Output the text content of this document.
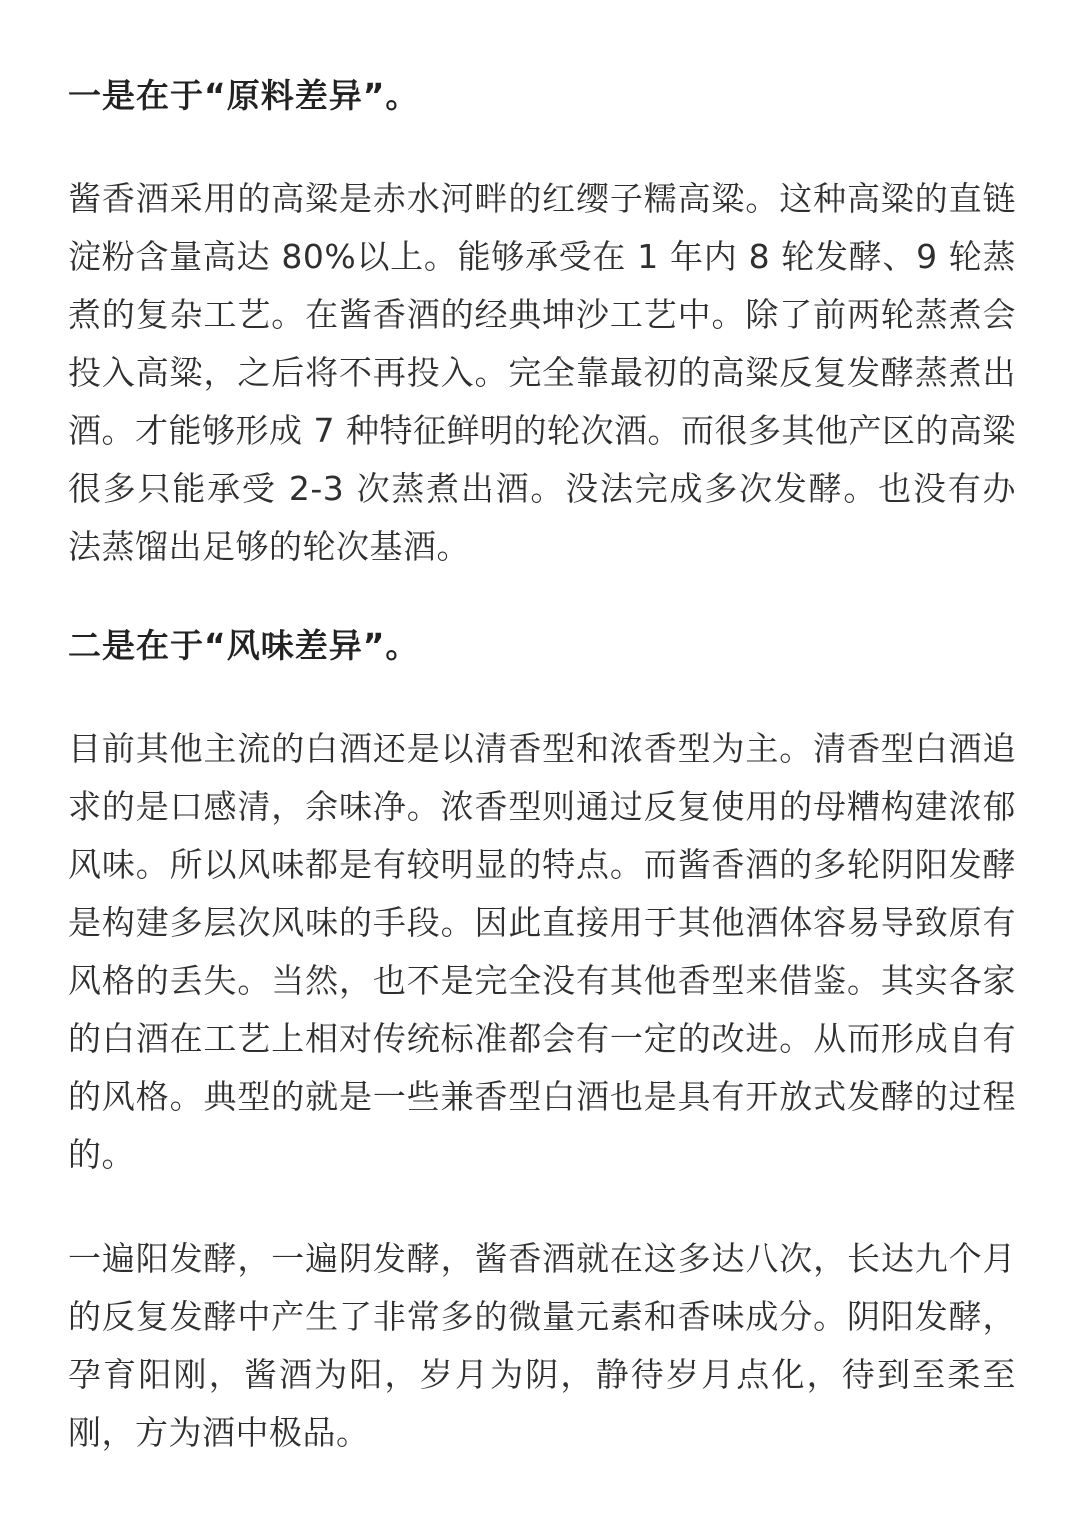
一是在于“原料差异”。
酱香酒采用的高粱是赤水河畔的红缨子糯高粱。这种高粱的直链淀粉含量高达 80%以上。能够承受在 1 年内 8 轮发酵、9 轮蒸煮的复杂工艺。在酱香酒的经典坤沙工艺中。除了前两轮蒸煮会投入高粱，之后将不再投入。完全靠最初的高粱反复发酵蒸煮出酒。才能够形成 7 种特征鲜明的轮次酒。而很多其他产区的高粱很多只能承受 2-3 次蒸煮出酒。没法完成多次发酵。也没有办法蒸馏出足够的轮次基酒。
二是在于“风味差异”。
目前其他主流的白酒还是以清香型和浓香型为主。清香型白酒追求的是口感清，余味净。浓香型则通过反复使用的母糟构建浓郁风味。所以风味都是有较明显的特点。而酱香酒的多轮阴阳发酵是构建多层次风味的手段。因此直接用于其他酒体容易导致原有风格的丢失。当然，也不是完全没有其他香型来借鉴。其实各家的白酒在工艺上相对传统标准都会有一定的改进。从而形成自有的风格。典型的就是一些兼香型白酒也是具有开放式发酵的过程的。
一遍阳发酵，一遍阴发酵，酱香酒就在这多达八次，长达九个月的反复发酵中产生了非常多的微量元素和香味成分。阴阳发酵，孕育阳刚，酱酒为阳，岁月为阴，静待岁月点化，待到至柔至刚，方为酒中极品。
